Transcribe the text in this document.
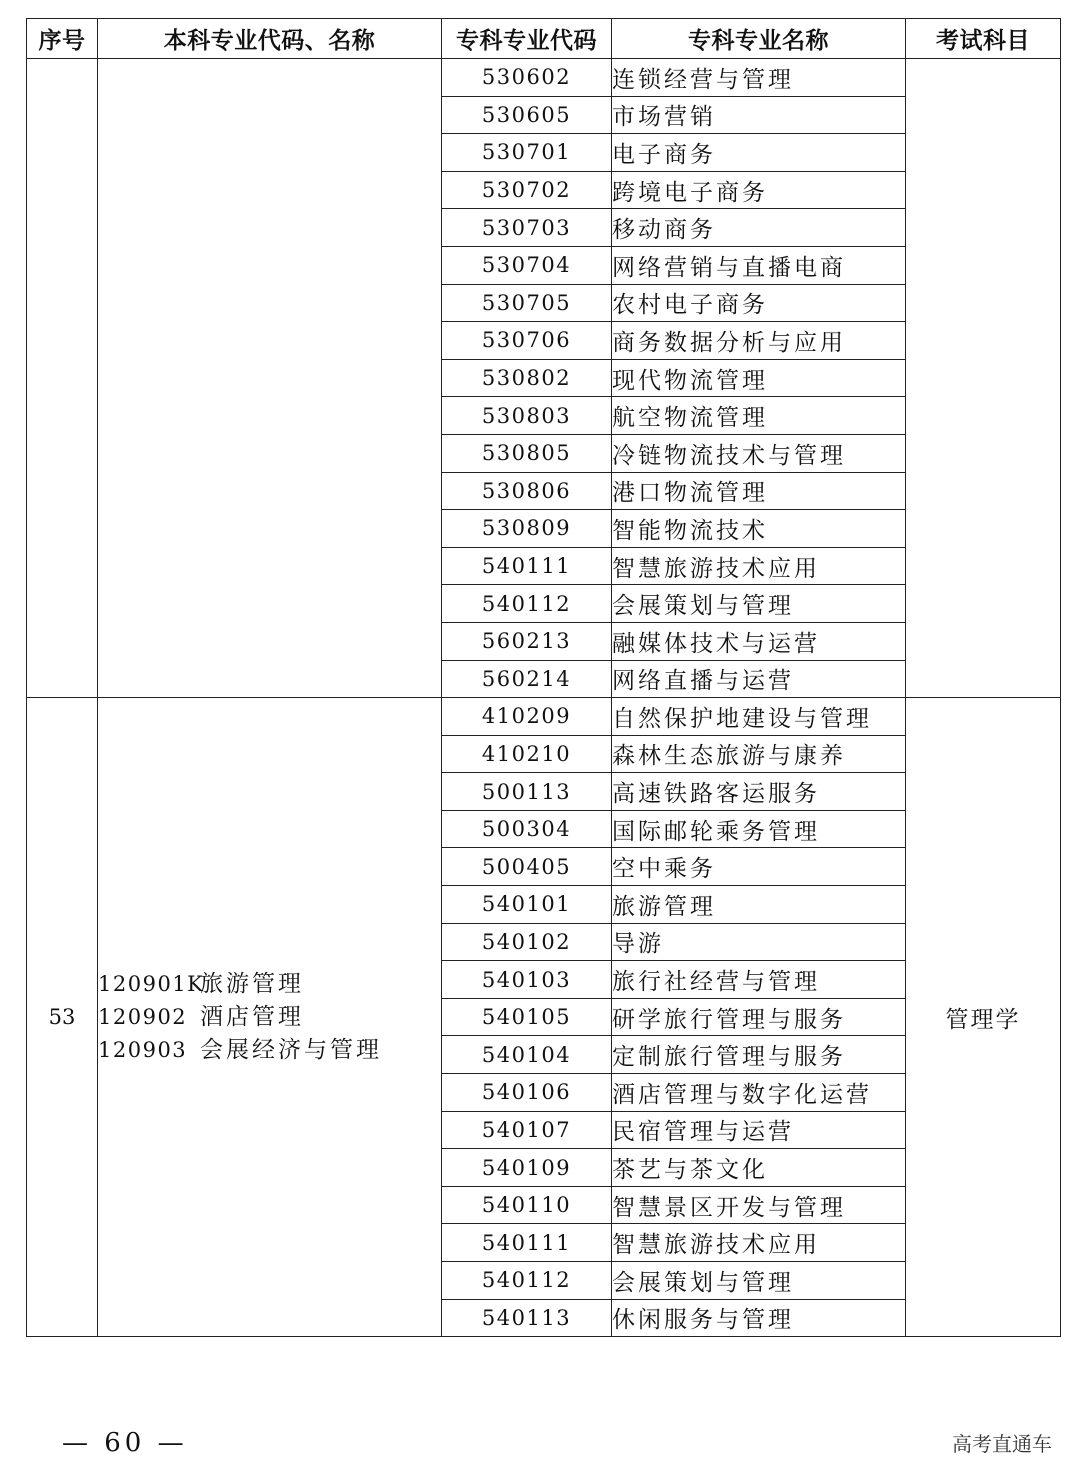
序号	本科专业代码、名称	专科专业代码	专科专业名称	考试科目
		530602	连锁经营与管理	
		530605	市场营销	
		530701	电子商务	
		530702	跨境电子商务	
		530703	移动商务	
		530704	网络营销与直播电商	
		530705	农村电子商务	
		530706	商务数据分析与应用	
		530802	现代物流管理	
		530803	航空物流管理	
		530805	冷链物流技术与管理	
		530806	港口物流管理	
		530809	智能物流技术	
		540111	智慧旅游技术应用	
		540112	会展策划与管理	
		560213	融媒体技术与运营	
		560214	网络直播与运营	
53	120901K旅游管理
120902 酒店管理
120903 会展经济与管理	410209	自然保护地建设与管理	管理学
		410210	森林生态旅游与康养	
		500113	高速铁路客运服务	
		500304	国际邮轮乘务管理	
		500405	空中乘务	
		540101	旅游管理	
		540102	导游	
		540103	旅行社经营与管理	
		540105	研学旅行管理与服务	
		540104	定制旅行管理与服务	
		540106	酒店管理与数字化运营	
		540107	民宿管理与运营	
		540109	茶艺与茶文化	
		540110	智慧景区开发与管理	
		540111	智慧旅游技术应用	
		540112	会展策划与管理	
		540113	休闲服务与管理	
— 60 —	高考直通车
